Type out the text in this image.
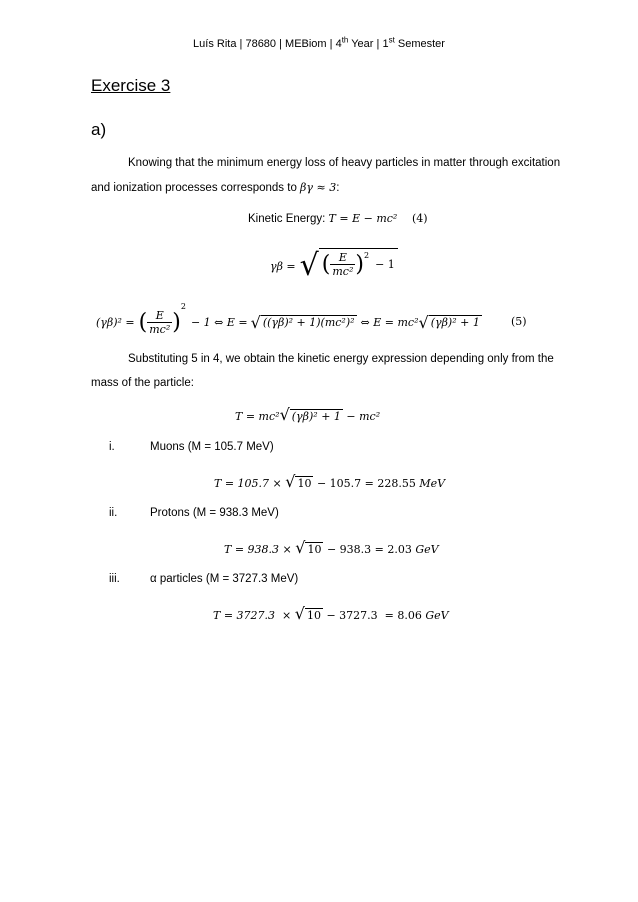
Luís Rita | 78680 | MEBiom | 4th Year | 1st Semester
Exercise 3
a)
Knowing that the minimum energy loss of heavy particles in matter through excitation
and ionization processes corresponds to βγ ≈ 3:
Kinetic Energy: T = E − mc² (4)
γβ = √ ( $\frac{E}{\text{mc²}}$ ) 2
− 1
(γβ)² = ( $\frac{E}{\text{mc²}}$ )
2
− 1 ⇔ E = √ ((γβ)² + 1)(mc²)² ⇔ E = mc² √ (γβ)² + 1	(5)
Substituting 5 in 4, we obtain the kinetic energy expression depending only from the
mass of the particle:
T = mc²√ (γβ)² + 1 − mc²
i.	Muons (M = 105.7 MeV)
T = 105.7 × √ 10 − 105.7 = 228.55 MeV
ii.	Protons (M = 938.3 MeV)
T = 938.3 × √ 10 − 938.3 = 2.03 GeV
iii.	α particles (M = 3727.3 MeV)
T = 3727.3  × √ 10 − 3727.3  = 8.06 GeV
